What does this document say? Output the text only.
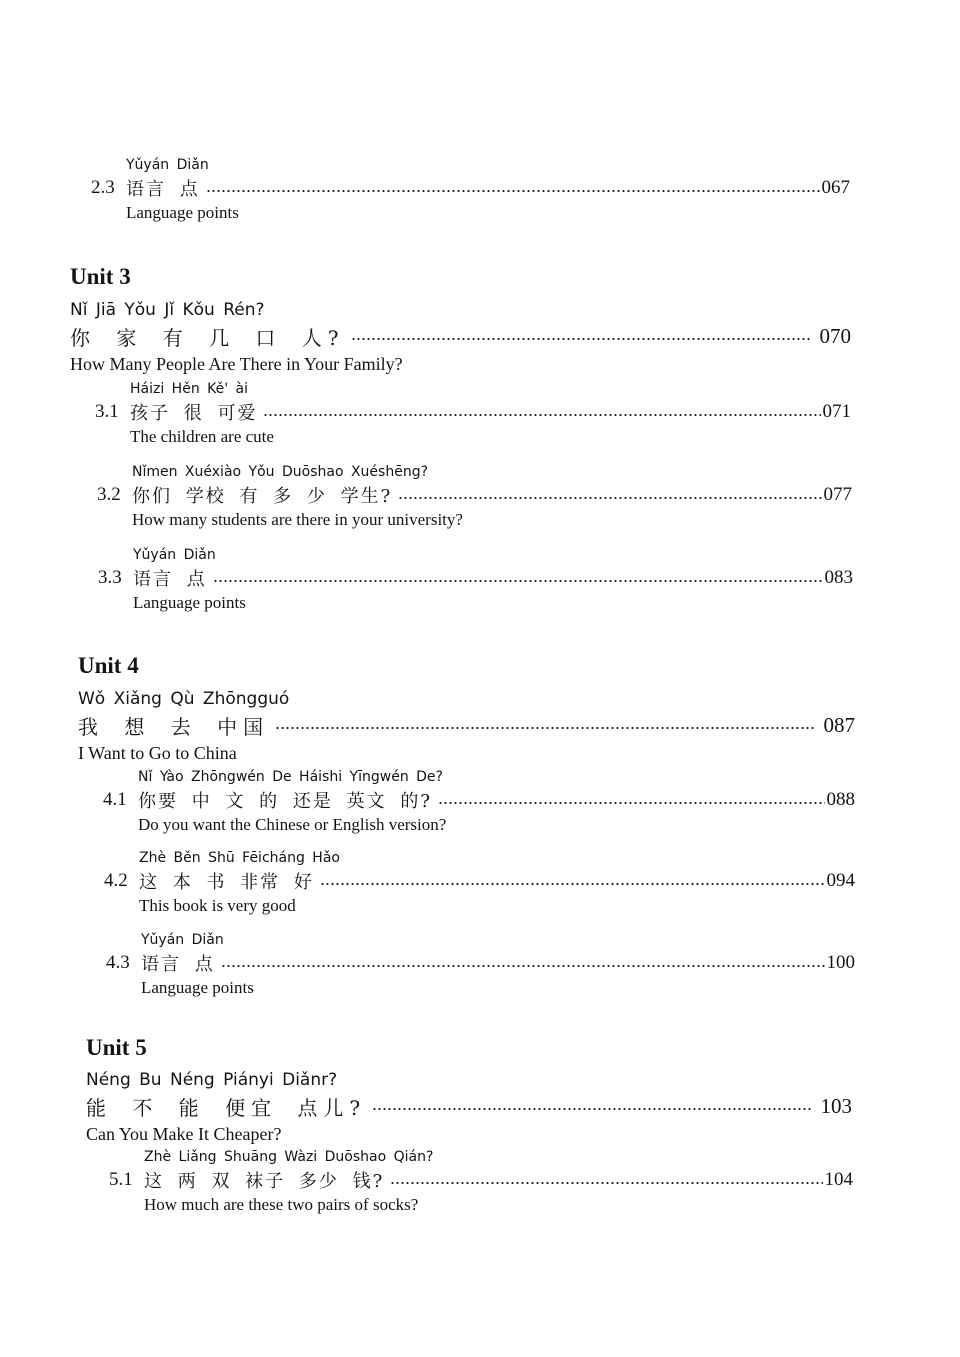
Yǔyán Diǎn
2.3 语言 点	067
Language points
Unit 3
Nǐ Jiā Yǒu Jǐ Kǒu Rén?
你 家 有 几 口 人?	070
How Many People Are There in Your Family?
Háizi Hěn Kě' ài
3.1 孩子 很 可爱	071
The children are cute
Nǐmen Xuéxiào Yǒu Duōshao Xuéshēng?
3.2 你们 学校 有 多 少 学生?	077
How many students are there in your university?
Yǔyán Diǎn
3.3 语言 点	083
Language points
Unit 4
Wǒ Xiǎng Qù Zhōngguó
我 想 去 中国	087
I Want to Go to China
Nǐ Yào Zhōngwén De Háishi Yīngwén De?
4.1 你要 中 文 的 还是 英文 的?	088
Do you want the Chinese or English version?
Zhè Běn Shū Fēicháng Hǎo
4.2 这 本 书 非常 好	094
This book is very good
Yǔyán Diǎn
4.3 语言 点	100
Language points
Unit 5
Néng Bu Néng Piányi Diǎnr?
能 不 能 便宜 点儿?	103
Can You Make It Cheaper?
Zhè Liǎng Shuāng Wàzi Duōshao Qián?
5.1 这 两 双 袜子 多少 钱?	104
How much are these two pairs of socks?
